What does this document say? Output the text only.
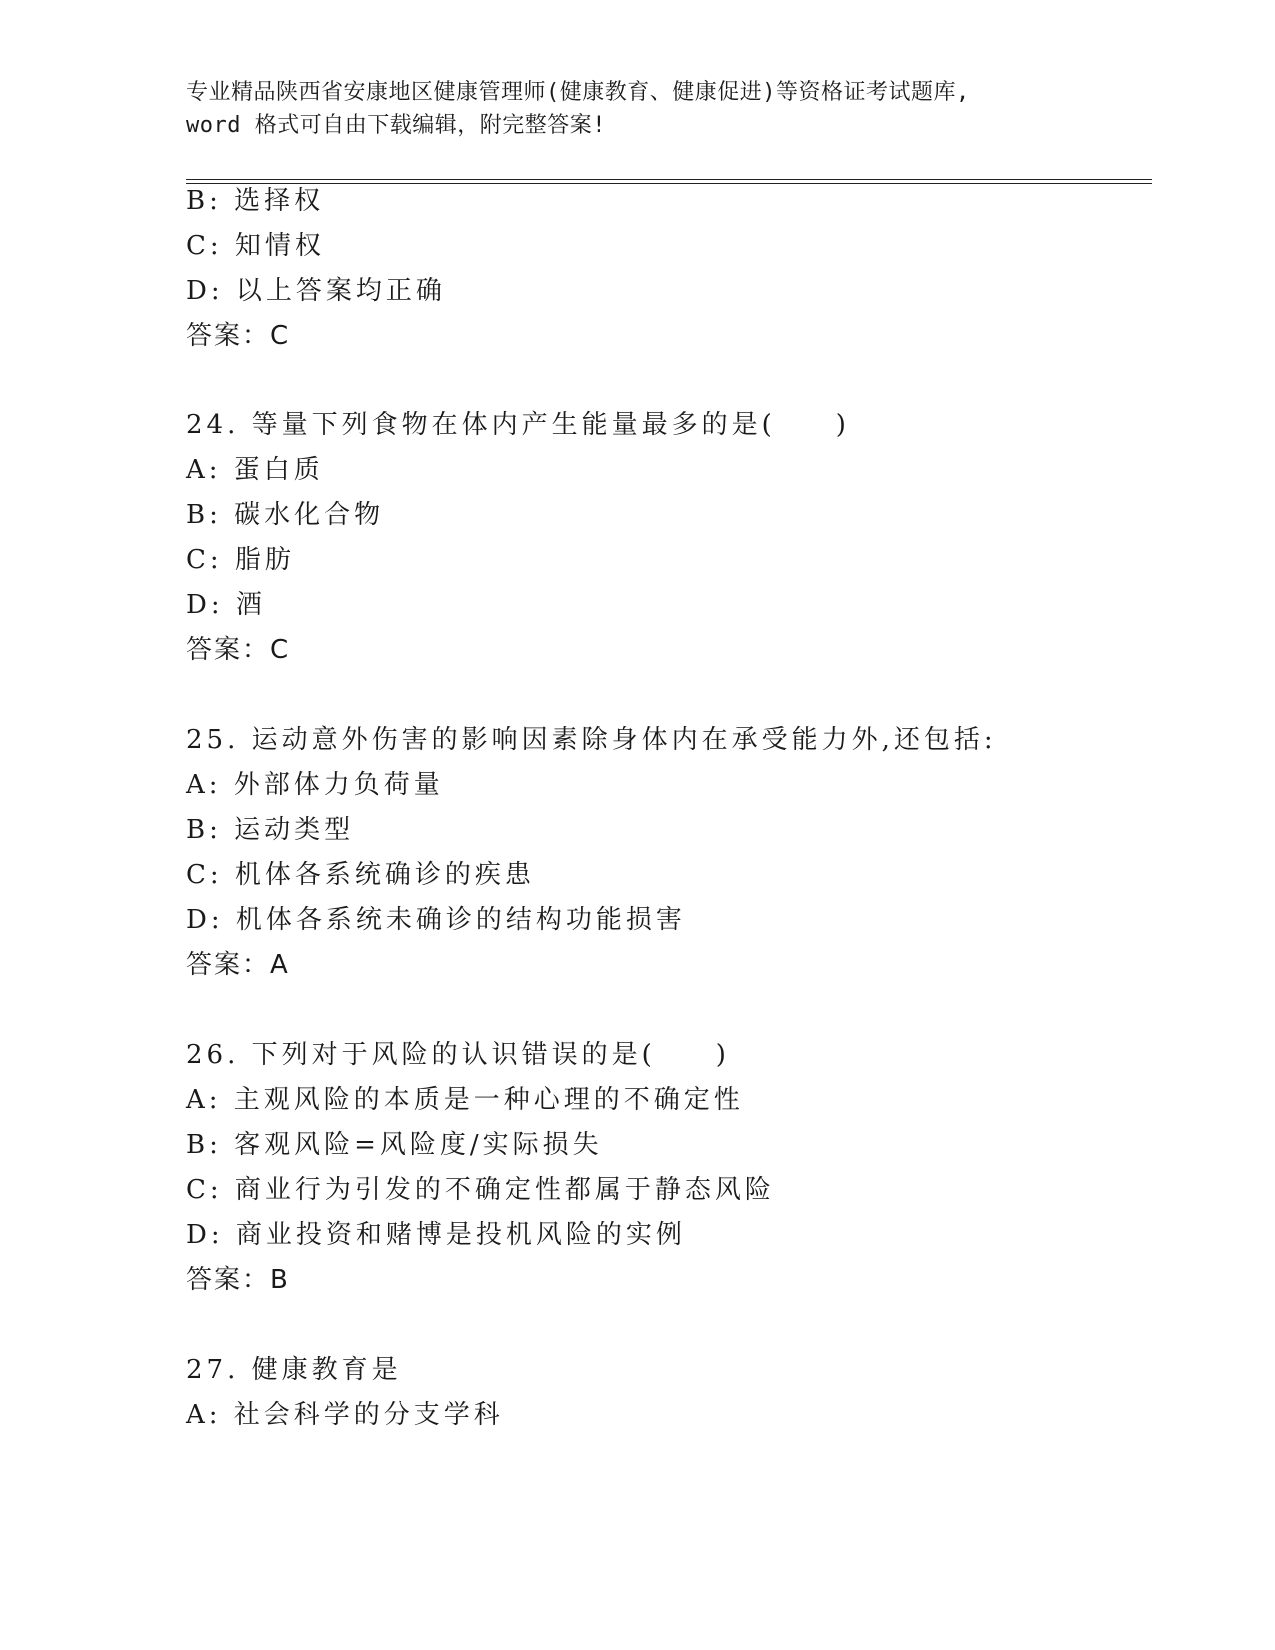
专业精品陕西省安康地区健康管理师(健康教育、健康促进)等资格证考试题库,
word 格式可自由下载编辑，附完整答案!
B: 选择权
C: 知情权
D: 以上答案均正确
答案：C
24. 等量下列食物在体内产生能量最多的是(　　)
A: 蛋白质
B: 碳水化合物
C: 脂肪
D: 酒
答案：C
25. 运动意外伤害的影响因素除身体内在承受能力外,还包括:
A: 外部体力负荷量
B: 运动类型
C: 机体各系统确诊的疾患
D: 机体各系统未确诊的结构功能损害
答案：A
26. 下列对于风险的认识错误的是(　　)
A: 主观风险的本质是一种心理的不确定性
B: 客观风险=风险度/实际损失
C: 商业行为引发的不确定性都属于静态风险
D: 商业投资和赌博是投机风险的实例
答案：B
27. 健康教育是
A: 社会科学的分支学科
